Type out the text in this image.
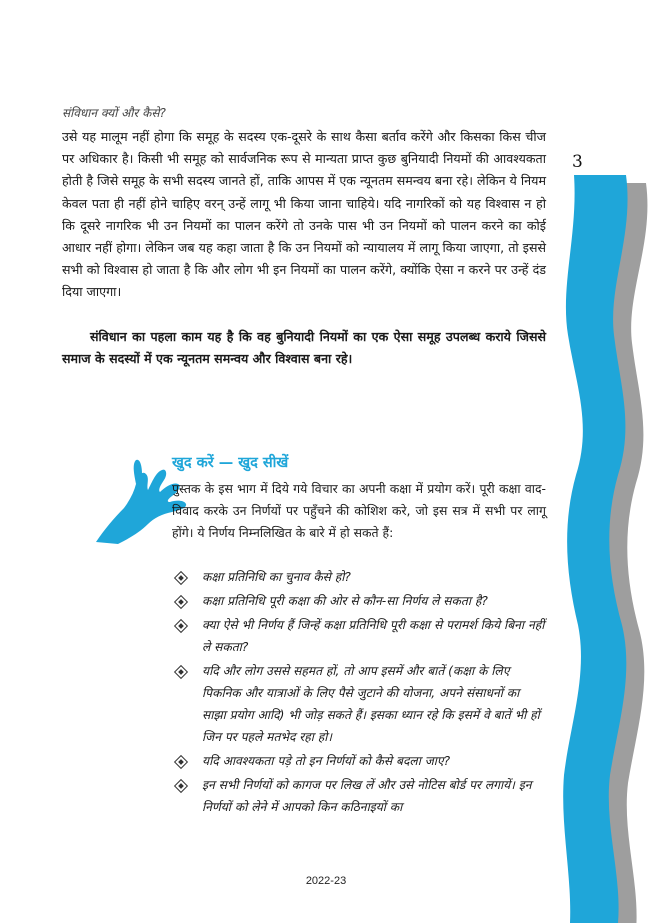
संविधान क्यों और कैसे?
3
उसे यह मालूम नहीं होगा कि समूह के सदस्य एक-दूसरे के साथ कैसा बर्ताव करेंगे और किसका किस चीज पर अधिकार है। किसी भी समूह को सार्वजनिक रूप से मान्यता प्राप्त कुछ बुनियादी नियमों की आवश्यकता होती है जिसे समूह के सभी सदस्य जानते हों, ताकि आपस में एक न्यूनतम समन्वय बना रहे। लेकिन ये नियम केवल पता ही नहीं होने चाहिए वरन् उन्हें लागू भी किया जाना चाहिये। यदि नागरिकों को यह विश्वास न हो कि दूसरे नागरिक भी उन नियमों का पालन करेंगे तो उनके पास भी उन नियमों को पालन करने का कोई आधार नहीं होगा। लेकिन जब यह कहा जाता है कि उन नियमों को न्यायालय में लागू किया जाएगा, तो इससे सभी को विश्वास हो जाता है कि और लोग भी इन नियमों का पालन करेंगे, क्योंकि ऐसा न करने पर उन्हें दंड दिया जाएगा।
संविधान का पहला काम यह है कि वह बुनियादी नियमों का एक ऐसा समूह उपलब्ध कराये जिससे समाज के सदस्यों में एक न्यूनतम समन्वय और विश्वास बना रहे।
खुद करें — खुद सीखें
पुस्तक के इस भाग में दिये गये विचार का अपनी कक्षा में प्रयोग करें। पूरी कक्षा वाद-विवाद करके उन निर्णयों पर पहुँचने की कोशिश करे, जो इस सत्र में सभी पर लागू होंगे। ये निर्णय निम्नलिखित के बारे में हो सकते हैं:
कक्षा प्रतिनिधि का चुनाव कैसे हो?
कक्षा प्रतिनिधि पूरी कक्षा की ओर से कौन-सा निर्णय ले सकता है?
क्या ऐसे भी निर्णय हैं जिन्हें कक्षा प्रतिनिधि पूरी कक्षा से परामर्श किये बिना नहीं ले सकता?
यदि और लोग उससे सहमत हों, तो आप इसमें और बातें (कक्षा के लिए पिकनिक और यात्राओं के लिए पैसे जुटाने की योजना, अपने संसाधनों का साझा प्रयोग आदि) भी जोड़ सकते हैं। इसका ध्यान रहे कि इसमें वे बातें भी हों जिन पर पहले मतभेद रहा हो।
यदि आवश्यकता पड़े तो इन निर्णयों को कैसे बदला जाए?
इन सभी निर्णयों को कागज पर लिख लें और उसे नोटिस बोर्ड पर लगायें। इन निर्णयों को लेने में आपको किन कठिनाइयों का
2022-23
